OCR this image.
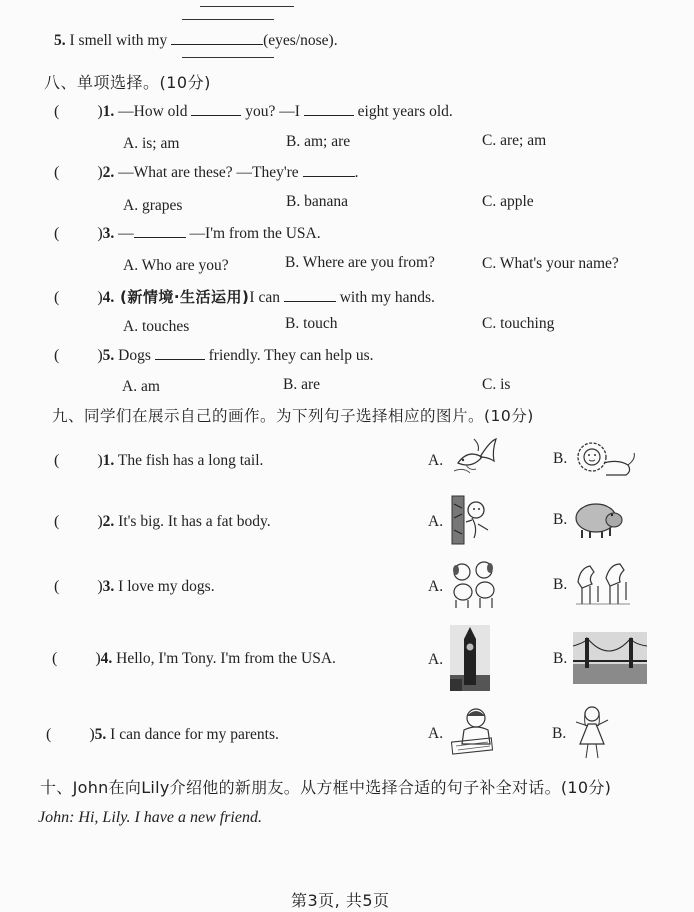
5. I smell with my	(eyes/nose).
八、单项选择。(10分)
( )1. —How old	you? —I	eight years old.
A. is; am	B. am; are	C. are; am
( )2. —What are these? —They're	.
A. grapes	B. banana	C. apple
( )3. —	—I'm from the USA.
A. Who are you?	B. Where are you from?	C. What's your name?
( )4. (新情境·生活运用)I can	with my hands.
A. touches	B. touch	C. touching
( )5. Dogs	friendly. They can help us.
A. am	B. are	C. is
九、同学们在展示自己的画作。为下列句子选择相应的图片。(10分)
( )1. The fish has a long tail.	A.	B.
( )2. It's big. It has a fat body.	A.	B.
( )3. I love my dogs.	A.	B.
( )4. Hello, I'm Tony. I'm from the USA.	A.	B.
( )5. I can dance for my parents.	A.	B.
十、John在向Lily介绍他的新朋友。从方框中选择合适的句子补全对话。(10分)
John: Hi, Lily. I have a new friend.
第3页, 共5页
